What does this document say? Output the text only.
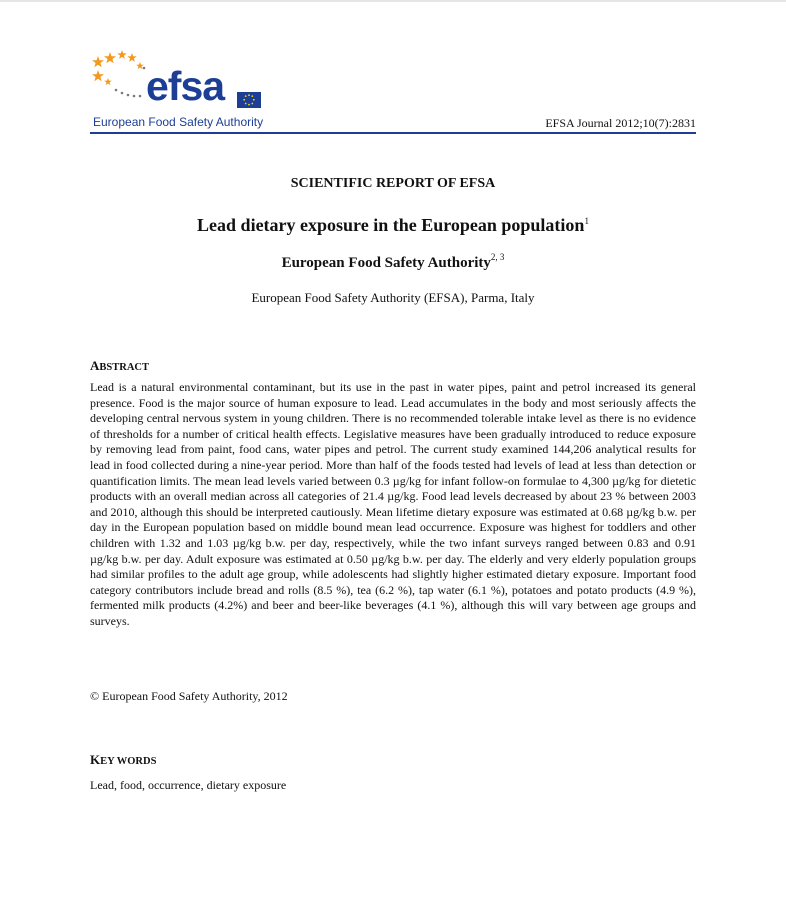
efsa
European Food Safety Authority	EFSA Journal 2012;10(7):2831
SCIENTIFIC REPORT OF EFSA
Lead dietary exposure in the European population$^1$
European Food Safety Authority$^{2, 3}$
European Food Safety Authority (EFSA), Parma, Italy
ABSTRACT

Lead is a natural environmental contaminant, but its use in the past in water pipes, paint and petrol increased its general presence. Food is the major source of human exposure to lead. Lead accumulates in the body and most seriously affects the developing central nervous system in young children. There is no recommended tolerable intake level as there is no evidence of thresholds for a number of critical health effects. Legislative measures have been gradually introduced to reduce exposure by removing lead from paint, food cans, water pipes and petrol. The current study examined 144,206 analytical results for lead in food collected during a nine-year period. More than half of the foods tested had levels of lead at less than detection or quantification limits. The mean lead levels varied between 0.3 µg/kg for infant follow-on formulae to 4,300 µg/kg for dietetic products with an overall median across all categories of 21.4 µg/kg. Food lead levels decreased by about 23 % between 2003 and 2010, although this should be interpreted cautiously. Mean lifetime dietary exposure was estimated at 0.68 µg/kg b.w. per day in the European population based on middle bound mean lead occurrence. Exposure was highest for toddlers and other children with 1.32 and 1.03 µg/kg b.w. per day, respectively, while the two infant surveys ranged between 0.83 and 0.91 µg/kg b.w. per day. Adult exposure was estimated at 0.50 µg/kg b.w. per day. The elderly and very elderly population groups had similar profiles to the adult age group, while adolescents had slightly higher estimated dietary exposure. Important food category contributors include bread and rolls (8.5 %), tea (6.2 %), tap water (6.1 %), potatoes and potato products (4.9 %), fermented milk products (4.2%) and beer and beer-like beverages (4.1 %), although this will vary between age groups and surveys.

© European Food Safety Authority, 2012
KEY WORDS
Lead, food, occurrence, dietary exposure
